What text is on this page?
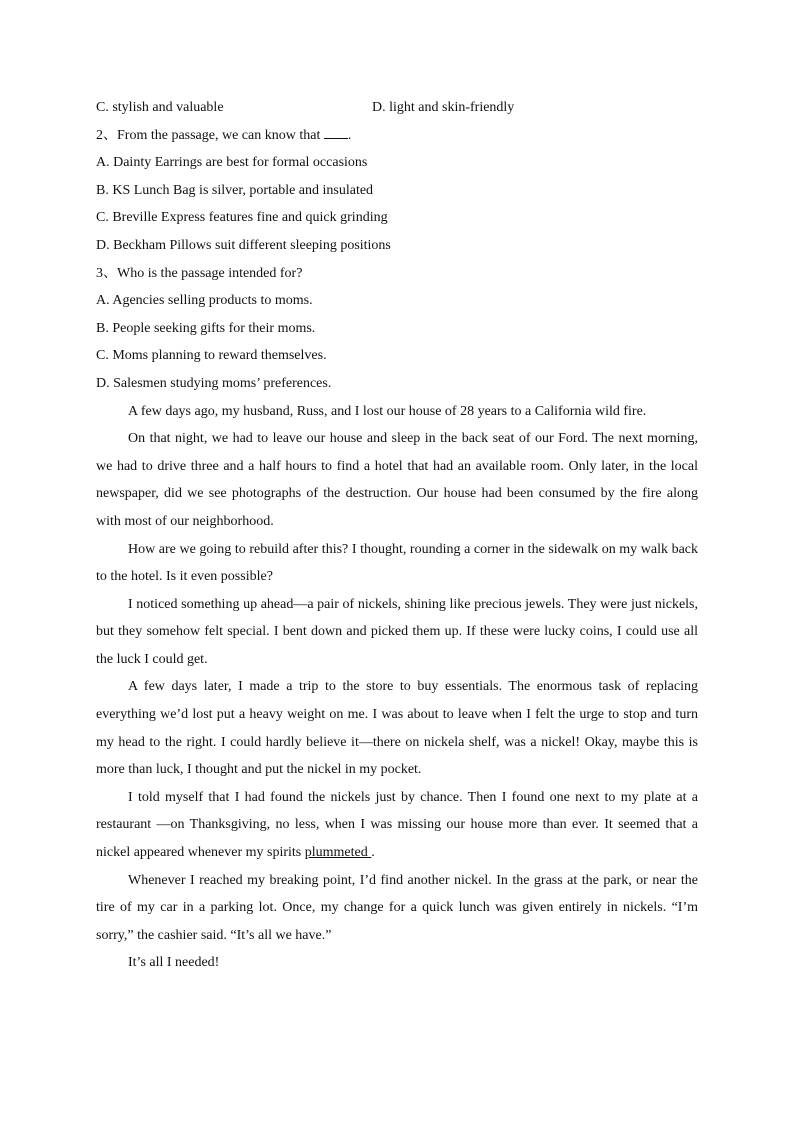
C. stylish and valuable	D. light and skin-friendly
2、From the passage, we can know that .
A. Dainty Earrings are best for formal occasions
B. KS Lunch Bag is silver, portable and insulated
C. Breville Express features fine and quick grinding
D. Beckham Pillows suit different sleeping positions
3、Who is the passage intended for?
A. Agencies selling products to moms.
B. People seeking gifts for their moms.
C. Moms planning to reward themselves.
D. Salesmen studying moms’ preferences.

A few days ago, my husband, Russ, and I lost our house of 28 years to a California wild fire.

On that night, we had to leave our house and sleep in the back seat of our Ford. The next morning, we had to drive three and a half hours to find a hotel that had an available room. Only later, in the local newspaper, did we see photographs of the destruction. Our house had been consumed by the fire along with most of our neighborhood.

How are we going to rebuild after this? I thought, rounding a corner in the sidewalk on my walk back to the hotel. Is it even possible?

I noticed something up ahead—a pair of nickels, shining like precious jewels. They were just nickels, but they somehow felt special. I bent down and picked them up. If these were lucky coins, I could use all the luck I could get.

A few days later, I made a trip to the store to buy essentials. The enormous task of replacing everything we’d lost put a heavy weight on me. I was about to leave when I felt the urge to stop and turn my head to the right. I could hardly believe it—there on nickela shelf, was a nickel! Okay, maybe this is more than luck, I thought and put the nickel in my pocket.

I told myself that I had found the nickels just by chance. Then I found one next to my plate at a restaurant —on Thanksgiving, no less, when I was missing our house more than ever. It seemed that a nickel appeared whenever my spirits plummeted .

Whenever I reached my breaking point, I’d find another nickel. In the grass at the park, or near the tire of my car in a parking lot. Once, my change for a quick lunch was given entirely in nickels. “I’m sorry,” the cashier said. “It’s all we have.”

It’s all I needed!
